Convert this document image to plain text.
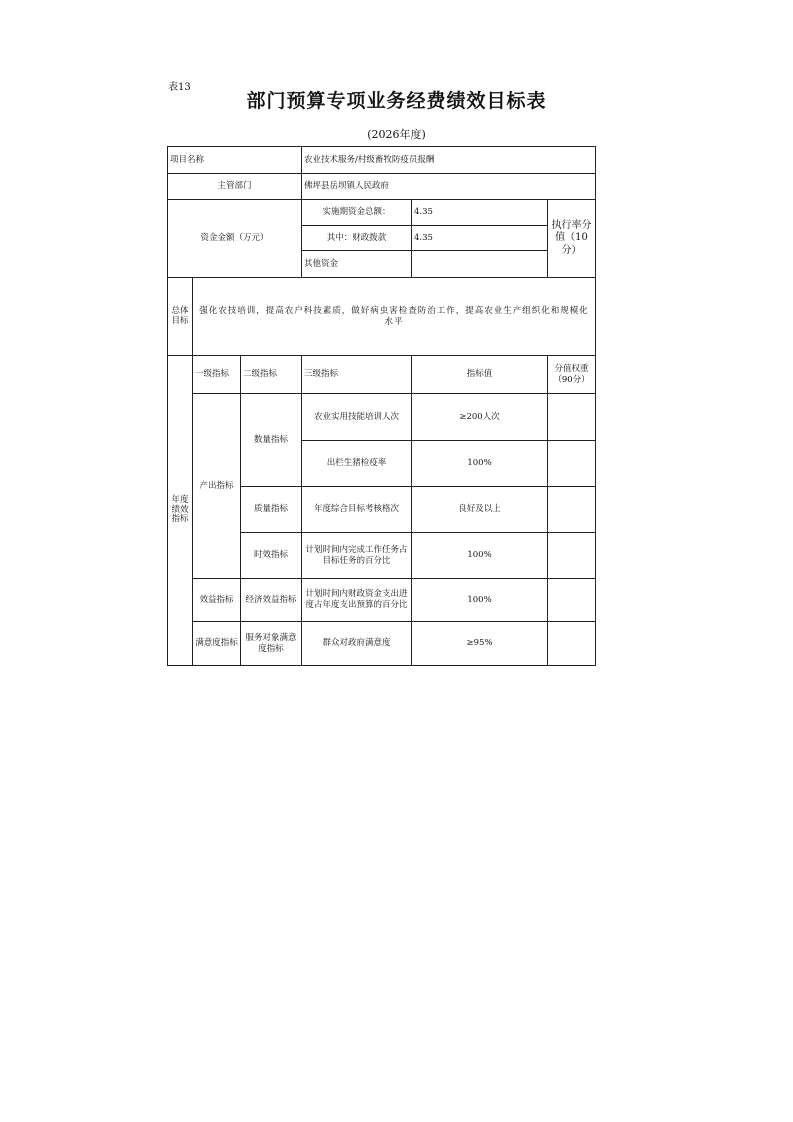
表13
部门预算专项业务经费绩效目标表
(2026年度)
项目名称			农业技术服务/村级畜牧防疫员报酬		
主管部门			佛坪县岳坝镇人民政府		
资金金额（万元）			实施期资金总额：	4.35	执行率分值（10分）
			其中：财政拨款	4.35	
			其他资金		
总体目标	强化农技培训，提高农户科技素质，做好病虫害检查防治工作，提高农业生产组织化和规模化水平				
年度绩效指标	一级指标	二级指标	三级指标	指标值	分值权重（90分）
	产出指标	数量指标	农业实用技能培训人次	≥200人次	
			出栏生猪检疫率	100%	
		质量指标	年度综合目标考核格次	良好及以上	
		时效指标	计划时间内完成工作任务占目标任务的百分比	100%	
	效益指标	经济效益指标	计划时间内财政资金支出进度占年度支出预算的百分比	100%	
	满意度指标	服务对象满意度指标	群众对政府满意度	≥95%	
